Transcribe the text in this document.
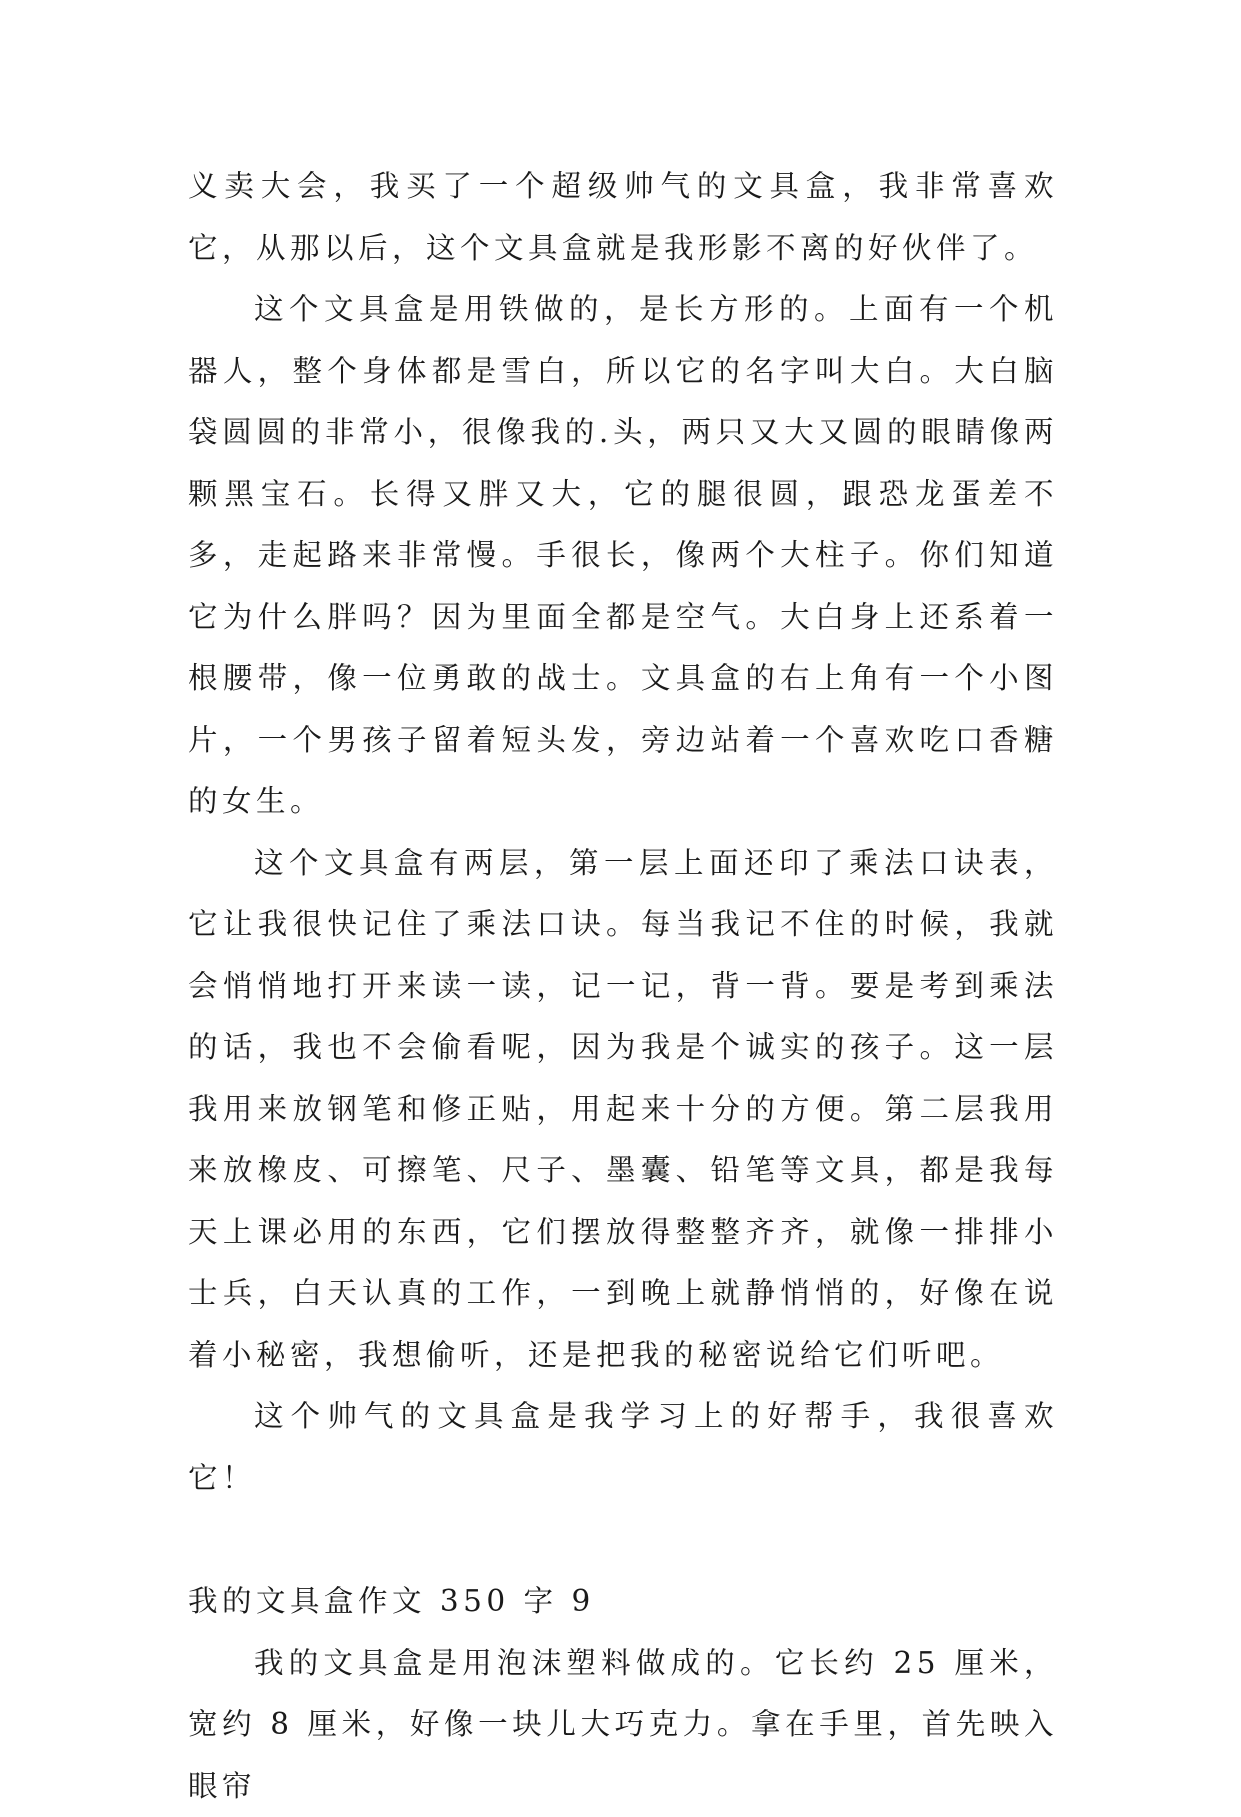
义卖大会，我买了一个超级帅气的文具盒，我非常喜欢它，从那以后，这个文具盒就是我形影不离的好伙伴了。

这个文具盒是用铁做的，是长方形的。上面有一个机器人，整个身体都是雪白，所以它的名字叫大白。大白脑袋圆圆的非常小，很像我的.头，两只又大又圆的眼睛像两颗黑宝石。长得又胖又大，它的腿很圆，跟恐龙蛋差不多，走起路来非常慢。手很长，像两个大柱子。你们知道它为什么胖吗？因为里面全都是空气。大白身上还系着一根腰带，像一位勇敢的战士。文具盒的右上角有一个小图片，一个男孩子留着短头发，旁边站着一个喜欢吃口香糖的女生。

这个文具盒有两层，第一层上面还印了乘法口诀表，它让我很快记住了乘法口诀。每当我记不住的时候，我就会悄悄地打开来读一读，记一记，背一背。要是考到乘法的话，我也不会偷看呢，因为我是个诚实的孩子。这一层我用来放钢笔和修正贴，用起来十分的方便。第二层我用来放橡皮、可擦笔、尺子、墨囊、铅笔等文具，都是我每天上课必用的东西，它们摆放得整整齐齐，就像一排排小士兵，白天认真的工作，一到晚上就静悄悄的，好像在说着小秘密，我想偷听，还是把我的秘密说给它们听吧。

这个帅气的文具盒是我学习上的好帮手，我很喜欢它！

我的文具盒作文 350 字 9

我的文具盒是用泡沫塑料做成的。它长约 25 厘米，宽约 8 厘米，好像一块儿大巧克力。拿在手里，首先映入眼帘
